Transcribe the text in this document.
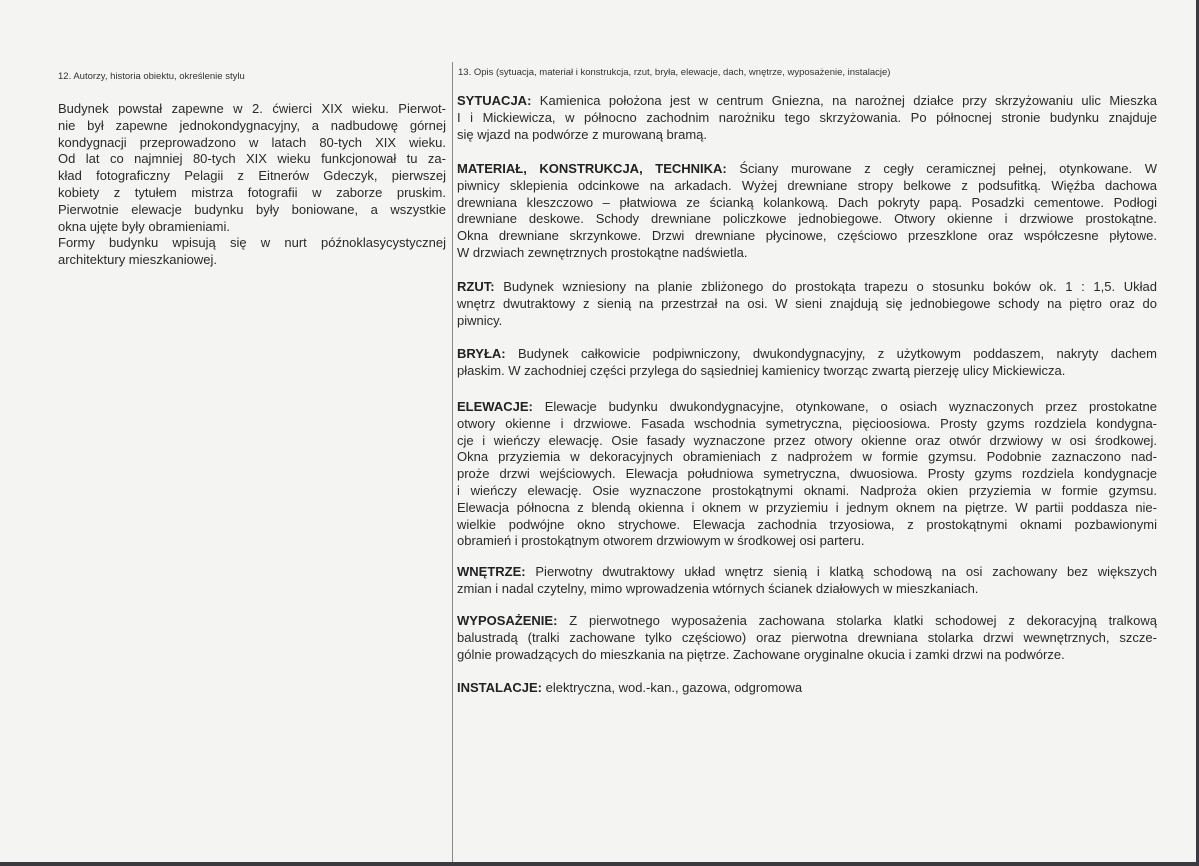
12. Autorzy, historia obiektu, określenie stylu
Budynek powstał zapewne w 2. ćwierci XIX wieku. Pierwot-
nie był zapewne jednokondygnacyjny, a nadbudowę górnej
kondygnacji przeprowadzono w latach 80-tych XIX wieku.
Od lat co najmniej 80-tych XIX wieku funkcjonował tu za-
kład fotograficzny Pelagii z Eitnerów Gdeczyk, pierwszej
kobiety z tytułem mistrza fotografii w zaborze pruskim.
Pierwotnie elewacje budynku były boniowane, a wszystkie
okna ujęte były obramieniami.
Formy budynku wpisują się w nurt późnoklasycystycznej
architektury mieszkaniowej.
13. Opis (sytuacja, materiał i konstrukcja, rzut, bryła, elewacje, dach, wnętrze, wyposażenie, instalacje)
SYTUACJA: Kamienica położona jest w centrum Gniezna, na narożnej działce przy skrzyżowaniu ulic Mieszka
I i Mickiewicza, w północno zachodnim narożniku tego skrzyżowania. Po północnej stronie budynku znajduje
się wjazd na podwórze z murowaną bramą.
MATERIAŁ, KONSTRUKCJA, TECHNIKA: Ściany murowane z cegły ceramicznej pełnej, otynkowane. W
piwnicy sklepienia odcinkowe na arkadach. Wyżej drewniane stropy belkowe z podsufitką. Więźba dachowa
drewniana kleszczowo – płatwiowa ze ścianką kolankową. Dach pokryty papą. Posadzki cementowe. Podłogi
drewniane deskowe. Schody drewniane policzkowe jednobiegowe. Otwory okienne i drzwiowe prostokątne.
Okna drewniane skrzynkowe. Drzwi drewniane płycinowe, częściowo przeszklone oraz współczesne płytowe.
W drzwiach zewnętrznych prostokątne nadświetla.
RZUT: Budynek wzniesiony na planie zbliżonego do prostokąta trapezu o stosunku boków ok. 1 : 1,5. Układ
wnętrz dwutraktowy z sienią na przestrzał na osi. W sieni znajdują się jednobiegowe schody na piętro oraz do
piwnicy.
BRYŁA: Budynek całkowicie podpiwniczony, dwukondygnacyjny, z użytkowym poddaszem, nakryty dachem
płaskim. W zachodniej części przylega do sąsiedniej kamienicy tworząc zwartą pierzeję ulicy Mickiewicza.
ELEWACJE: Elewacje budynku dwukondygnacyjne, otynkowane, o osiach wyznaczonych przez prostokatne
otwory okienne i drzwiowe. Fasada wschodnia symetryczna, pięcioosiowa. Prosty gzyms rozdziela kondygna-
cje i wieńczy elewację. Osie fasady wyznaczone przez otwory okienne oraz otwór drzwiowy w osi środkowej.
Okna przyziemia w dekoracyjnych obramieniach z nadprożem w formie gzymsu. Podobnie zaznaczono nad-
proże drzwi wejściowych. Elewacja południowa symetryczna, dwuosiowa. Prosty gzyms rozdziela kondygnacje
i wieńczy elewację. Osie wyznaczone prostokątnymi oknami. Nadproża okien przyziemia w formie gzymsu.
Elewacja północna z blendą okienna i oknem w przyziemiu i jednym oknem na piętrze. W partii poddasza nie-
wielkie podwójne okno strychowe. Elewacja zachodnia trzyosiowa, z prostokątnymi oknami pozbawionymi
obramień i prostokątnym otworem drzwiowym w środkowej osi parteru.
WNĘTRZE: Pierwotny dwutraktowy układ wnętrz sienią i klatką schodową na osi zachowany bez większych
zmian i nadal czytelny, mimo wprowadzenia wtórnych ścianek działowych w mieszkaniach.
WYPOSAŻENIE: Z pierwotnego wyposażenia zachowana stolarka klatki schodowej z dekoracyjną tralkową
balustradą (tralki zachowane tylko częściowo) oraz pierwotna drewniana stolarka drzwi wewnętrznych, szcze-
gólnie prowadzących do mieszkania na piętrze. Zachowane oryginalne okucia i zamki drzwi na podwórze.
INSTALACJE: elektryczna, wod.-kan., gazowa, odgromowa
